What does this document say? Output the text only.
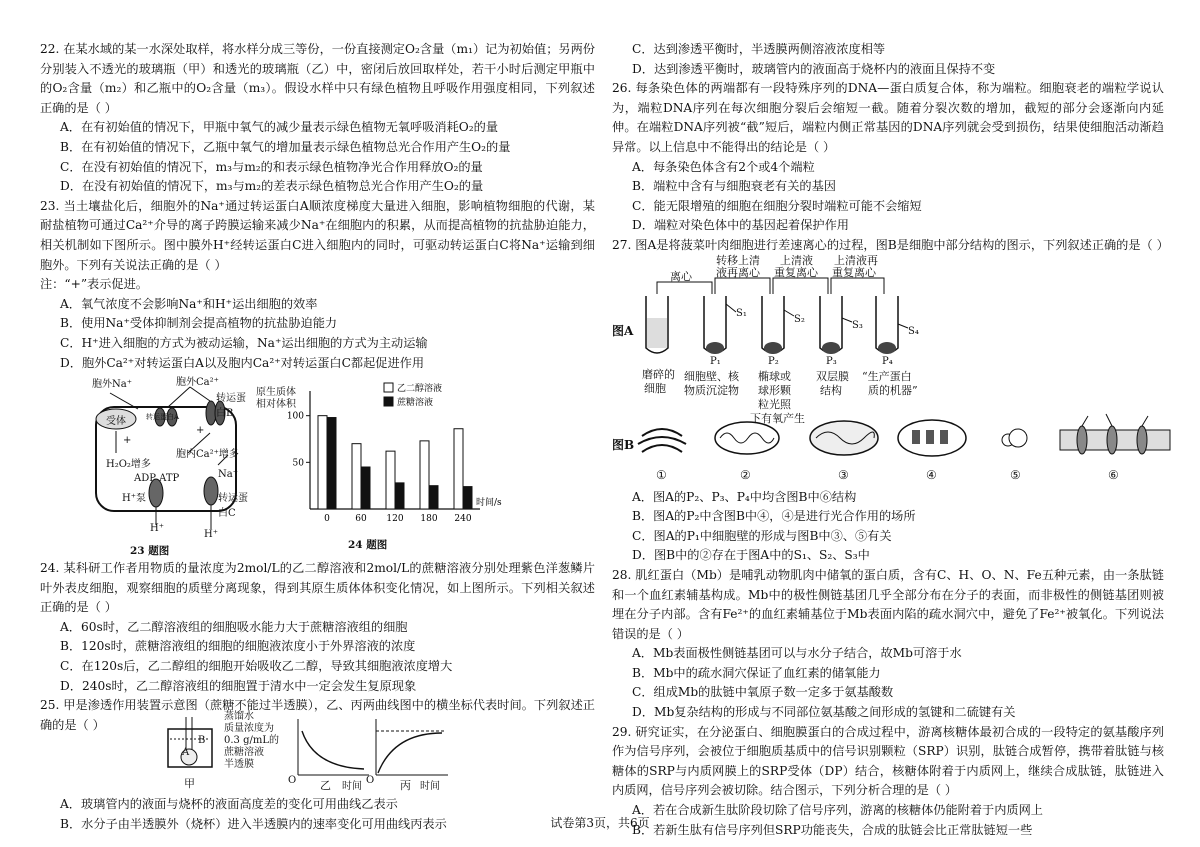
22. 在某水域的某一水深处取样，将水样分成三等份，一份直接测定O₂含量（m₁）记为初始值；另两份分别装入不透光的玻璃瓶（甲）和透光的玻璃瓶（乙）中，密闭后放回取样处，若干小时后测定甲瓶中的O₂含量（m₂）和乙瓶中的O₂含量（m₃）。假设水样中只有绿色植物且呼吸作用强度相同，下列叙述正确的是（ ）

A．在有初始值的情况下，甲瓶中氧气的减少量表示绿色植物无氧呼吸消耗O₂的量

B．在有初始值的情况下，乙瓶中氧气的增加量表示绿色植物总光合作用产生O₂的量

C．在没有初始值的情况下，m₃与m₂的和表示绿色植物净光合作用释放O₂的量

D．在没有初始值的情况下，m₃与m₂的差表示绿色植物总光合作用产生O₂的量

23. 当土壤盐化后，细胞外的Na⁺通过转运蛋白A顺浓度梯度大量进入细胞，影响植物细胞的代谢，某耐盐植物可通过Ca²⁺介导的离子跨膜运输来减少Na⁺在细胞内的积累，从而提高植物的抗盐胁迫能力，相关机制如下图所示。图中膜外H⁺经转运蛋白C进入细胞内的同时，可驱动转运蛋白C将Na⁺运输到细胞外。下列有关说法正确的是（ ）

注：“+”表示促进。

A．氧气浓度不会影响Na⁺和H⁺运出细胞的效率

B．使用Na⁺受体抑制剂会提高植物的抗盐胁迫能力

C．H⁺进入细胞的方式为被动运输，Na⁺运出细胞的方式为主动运输

D．胞外Ca²⁺对转运蛋白A以及胞内Ca²⁺对转运蛋白C都起促进作用

胞外Na⁺	胞外Ca²⁺
受体	转运蛋白A
转运蛋白B
+
+
H₂O₂增多
胞内Ca²⁺增多
Na⁺
ADP ATP
H⁺泵	转运蛋白C
H⁺
H⁺
23 题图
100
50
0	60 120 180 240
时间/s
乙二醇溶液
蔗糖溶液
原生质体相对体积
24 题图

24. 某科研工作者用物质的量浓度为2mol/L的乙二醇溶液和2mol/L的蔗糖溶液分别处理紫色洋葱鳞片叶外表皮细胞，观察细胞的质壁分离现象，得到其原生质体体积变化情况，如上图所示。下列相关叙述正确的是（ ）

A．60s时，乙二醇溶液组的细胞吸水能力大于蔗糖溶液组的细胞

B．120s时，蔗糖溶液组的细胞的细胞液浓度小于外界溶液的浓度

C．在120s后，乙二醇组的细胞开始吸收乙二醇，导致其细胞液浓度增大

D．240s时，乙二醇溶液组的细胞置于清水中一定会发生复原现象

25. 甲是渗透作用装置示意图（蔗糖不能过半透膜），乙、丙两曲线图中的横坐标代表时间。下列叙述正确的是（ ）

A
B
蒸馏水
质量浓度为
0.3 g/mL的
蔗糖溶液
半透膜
甲	O 乙 时间
O 丙 时间

A．玻璃管内的液面与烧杯的液面高度差的变化可用曲线乙表示

B．水分子由半透膜外（烧杯）进入半透膜内的速率变化可用曲线丙表示

C．达到渗透平衡时，半透膜两侧溶液浓度相等

D．达到渗透平衡时，玻璃管内的液面高于烧杯内的液面且保持不变

26. 每条染色体的两端都有一段特殊序列的DNA—蛋白质复合体，称为端粒。细胞衰老的端粒学说认为，端粒DNA序列在每次细胞分裂后会缩短一截。随着分裂次数的增加，截短的部分会逐渐向内延伸。在端粒DNA序列被“截”短后，端粒内侧正常基因的DNA序列就会受到损伤，结果使细胞活动渐趋异常。以上信息中不能得出的结论是（ ）

A．每条染色体含有2个或4个端粒

B．端粒中含有与细胞衰老有关的基因

C．能无限增殖的细胞在细胞分裂时端粒可能不会缩短

D．端粒对染色体中的基因起着保护作用

27. 图A是将菠菜叶肉细胞进行差速离心的过程，图B是细胞中部分结构的图示，下列叙述正确的是（ ）

图A
离心
转移上清
液再离心
上清液
重复离心
上清液再
重复离心
S₁
S₂
S₃
S₄
P₁	P₂	P₃	P₄
磨碎的
细胞
细胞壁、核
物质沉淀物
椭球或
球形颗
粒光照
下有氧产生
双层膜
结构
“生产蛋白
质的机器”
图B
①	②	③	④	⑤	⑥

A．图A的P₂、P₃、P₄中均含图B中⑥结构

B．图A的P₂中含图B中④，④是进行光合作用的场所

C．图A的P₁中细胞壁的形成与图B中③、⑤有关

D．图B中的②存在于图A中的S₁、S₂、S₃中

28. 肌红蛋白（Mb）是哺乳动物肌肉中储氧的蛋白质，含有C、H、O、N、Fe五种元素，由一条肽链和一个血红素辅基构成。Mb中的极性侧链基团几乎全部分布在分子的表面，而非极性的侧链基团则被埋在分子内部。含有Fe²⁺的血红素辅基位于Mb表面内陷的疏水洞穴中，避免了Fe²⁺被氧化。下列说法错误的是（ ）

A．Mb表面极性侧链基团可以与水分子结合，故Mb可溶于水

B．Mb中的疏水洞穴保证了血红素的储氧能力

C．组成Mb的肽链中氧原子数一定多于氨基酸数

D．Mb复杂结构的形成与不同部位氨基酸之间形成的氢键和二硫键有关

29. 研究证实，在分泌蛋白、细胞膜蛋白的合成过程中，游离核糖体最初合成的一段特定的氨基酸序列作为信号序列，会被位于细胞质基质中的信号识别颗粒（SRP）识别，肽链合成暂停，携带着肽链与核糖体的SRP与内质网膜上的SRP受体（DP）结合，核糖体附着于内质网上，继续合成肽链，肽链进入内质网，信号序列会被切除。结合图示，下列分析合理的是（ ）

A．若在合成新生肽阶段切除了信号序列，游离的核糖体仍能附着于内质网上

B．若新生肽有信号序列但SRP功能丧失，合成的肽链会比正常肽链短一些

试卷第3页，共6页
